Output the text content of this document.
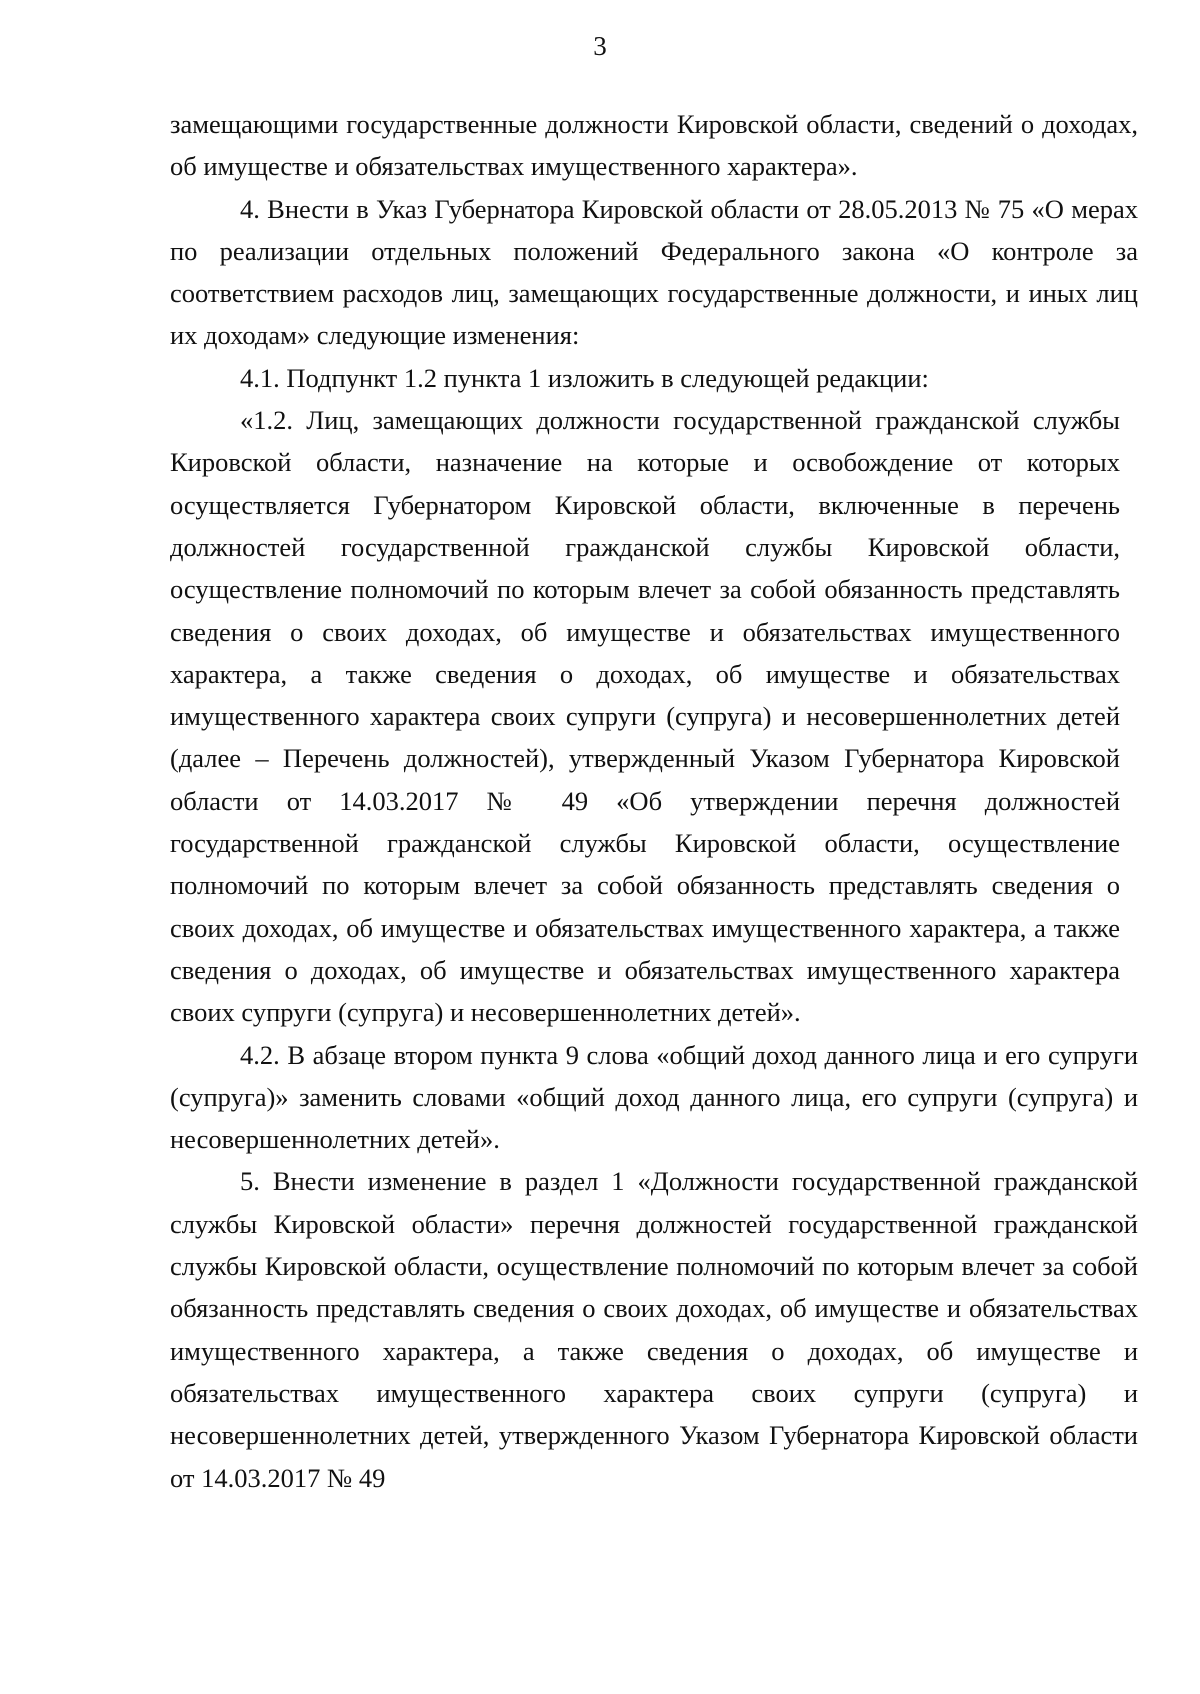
3

замещающими государственные должности Кировской области, сведений о доходах, об имуществе и обязательствах имущественного характера».

4. Внести в Указ Губернатора Кировской области от 28.05.2013 № 75 «О мерах по реализации отдельных положений Федерального закона «О контроле за соответствием расходов лиц, замещающих государственные должности, и иных лиц их доходам» следующие изменения:

4.1. Подпункт 1.2 пункта 1 изложить в следующей редакции:

«1.2. Лиц, замещающих должности государственной гражданской службы Кировской области, назначение на которые и освобождение от которых осуществляется Губернатором Кировской области, включенные в перечень должностей государственной гражданской службы Кировской области, осуществление полномочий по которым влечет за собой обязанность представлять сведения о своих доходах, об имуществе и обязательствах имущественного характера, а также сведения о доходах, об имуществе и обязательствах имущественного характера своих супруги (супруга) и несовершеннолетних детей (далее – Перечень должностей), утвержденный Указом Губернатора Кировской области от 14.03.2017 № 49 «Об утверждении перечня должностей государственной гражданской службы Кировской области, осуществление полномочий по которым влечет за собой обязанность представлять сведения о своих доходах, об имуществе и обязательствах имущественного характера, а также сведения о доходах, об имуществе и обязательствах имущественного характера своих супруги (супруга) и несовершеннолетних детей».

4.2. В абзаце втором пункта 9 слова «общий доход данного лица и его супруги (супруга)» заменить словами «общий доход данного лица, его супруги (супруга) и несовершеннолетних детей».

5. Внести изменение в раздел 1 «Должности государственной гражданской службы Кировской области» перечня должностей государственной гражданской службы Кировской области, осуществление полномочий по которым влечет за собой обязанность представлять сведения о своих доходах, об имуществе и обязательствах имущественного характера, а также сведения о доходах, об имуществе и обязательствах имущественного характера своих супруги (супруга) и несовершеннолетних детей, утвержденного Указом Губернатора Кировской области от 14.03.2017 № 49
